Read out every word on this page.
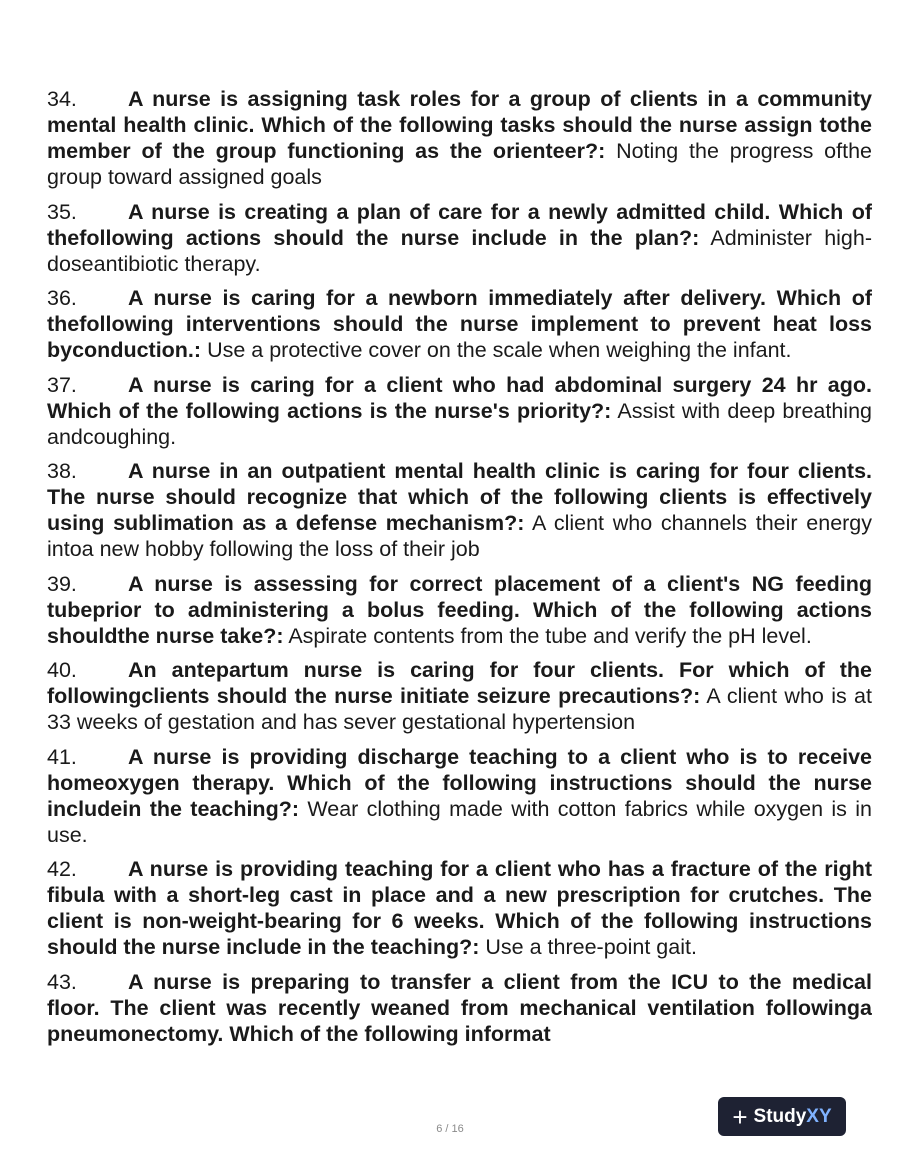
34. A nurse is assigning task roles for a group of clients in a community mental health clinic. Which of the following tasks should the nurse assign tothe member of the group functioning as the orienteer?: Noting the progress ofthe group toward assigned goals

35. A nurse is creating a plan of care for a newly admitted child. Which of thefollowing actions should the nurse include in the plan?: Administer high-doseantibiotic therapy.

36. A nurse is caring for a newborn immediately after delivery. Which of thefollowing interventions should the nurse implement to prevent heat loss byconduction.: Use a protective cover on the scale when weighing the infant.

37. A nurse is caring for a client who had abdominal surgery 24 hr ago. Which of the following actions is the nurse's priority?: Assist with deep breathing andcoughing.

38. A nurse in an outpatient mental health clinic is caring for four clients. The nurse should recognize that which of the following clients is effectively using sublimation as a defense mechanism?: A client who channels their energy intoa new hobby following the loss of their job

39. A nurse is assessing for correct placement of a client's NG feeding tubeprior to administering a bolus feeding. Which of the following actions shouldthe nurse take?: Aspirate contents from the tube and verify the pH level.

40. An antepartum nurse is caring for four clients. For which of the followingclients should the nurse initiate seizure precautions?: A client who is at 33 weeks of gestation and has sever gestational hypertension

41. A nurse is providing discharge teaching to a client who is to receive homeoxygen therapy. Which of the following instructions should the nurse includein the teaching?: Wear clothing made with cotton fabrics while oxygen is in use.

42. A nurse is providing teaching for a client who has a fracture of the right fibula with a short-leg cast in place and a new prescription for crutches. The client is non-weight-bearing for 6 weeks. Which of the following instructions should the nurse include in the teaching?: Use a three-point gait.

43. A nurse is preparing to transfer a client from the ICU to the medical floor. The client was recently weaned from mechanical ventilation followinga pneumonectomy. Which of the following informat

6 / 16	+ Study XY
